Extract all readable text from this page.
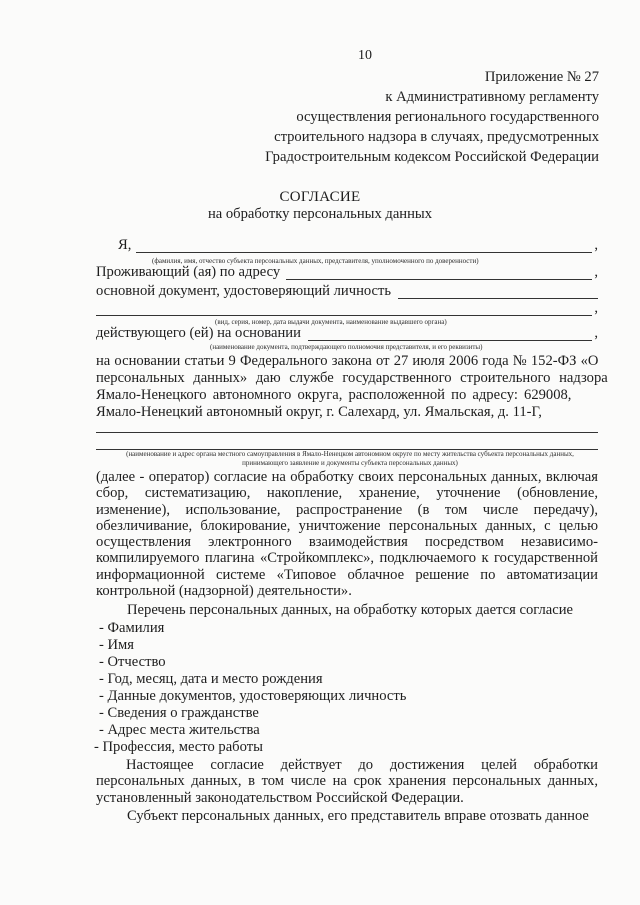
10
Приложение № 27
к Административному регламенту
осуществления регионального государственного
строительного надзора в случаях, предусмотренных
Градостроительным кодексом Российской Федерации
СОГЛАСИЕ
на обработку персональных данных
Я,	,
(фамилия, имя, отчество субъекта персональных данных, представителя, уполномоченного по доверенности)
Проживающий (ая) по адресу	,
основной документ, удостоверяющий личность
,
(вид, серия, номер, дата выдачи документа, наименование выдавшего органа)
действующего (ей) на основании	,
(наименование документа, подтверждающего полномочия представителя, и его реквизиты)
на основании статьи 9 Федерального закона от 27 июля 2006 года № 152-ФЗ «О
персональных данных» даю службе государственного строительного надзора
Ямало-Ненецкого автономного округа, расположенной по адресу: 629008,
Ямало-Ненецкий автономный округ, г. Салехард, ул. Ямальская, д. 11-Г,
(наименование и адрес органа местного самоуправления в Ямало-Ненецком автономном округе по месту жительства субъекта персональных данных, принимающего заявление и документы субъекта персональных данных)
(далее - оператор) согласие на обработку своих персональных данных, включая сбор, систематизацию, накопление, хранение, уточнение (обновление, изменение), использование, распространение (в том числе передачу), обезличивание, блокирование, уничтожение персональных данных, с целью осуществления электронного взаимодействия посредством независимо-компилируемого плагина «Стройкомплекс», подключаемого к государственной информационной системе «Типовое облачное решение по автоматизации контрольной (надзорной) деятельности».
Перечень персональных данных, на обработку которых дается согласие
- Фамилия
- Имя
- Отчество
- Год, месяц, дата и место рождения
- Данные документов, удостоверяющих личность
- Сведения о гражданстве
- Адрес места жительства
- Профессия, место работы
Настоящее согласие действует до достижения целей обработки персональных данных, в том числе на срок хранения персональных данных, установленный законодательством Российской Федерации.
Субъект персональных данных, его представитель вправе отозвать данное
